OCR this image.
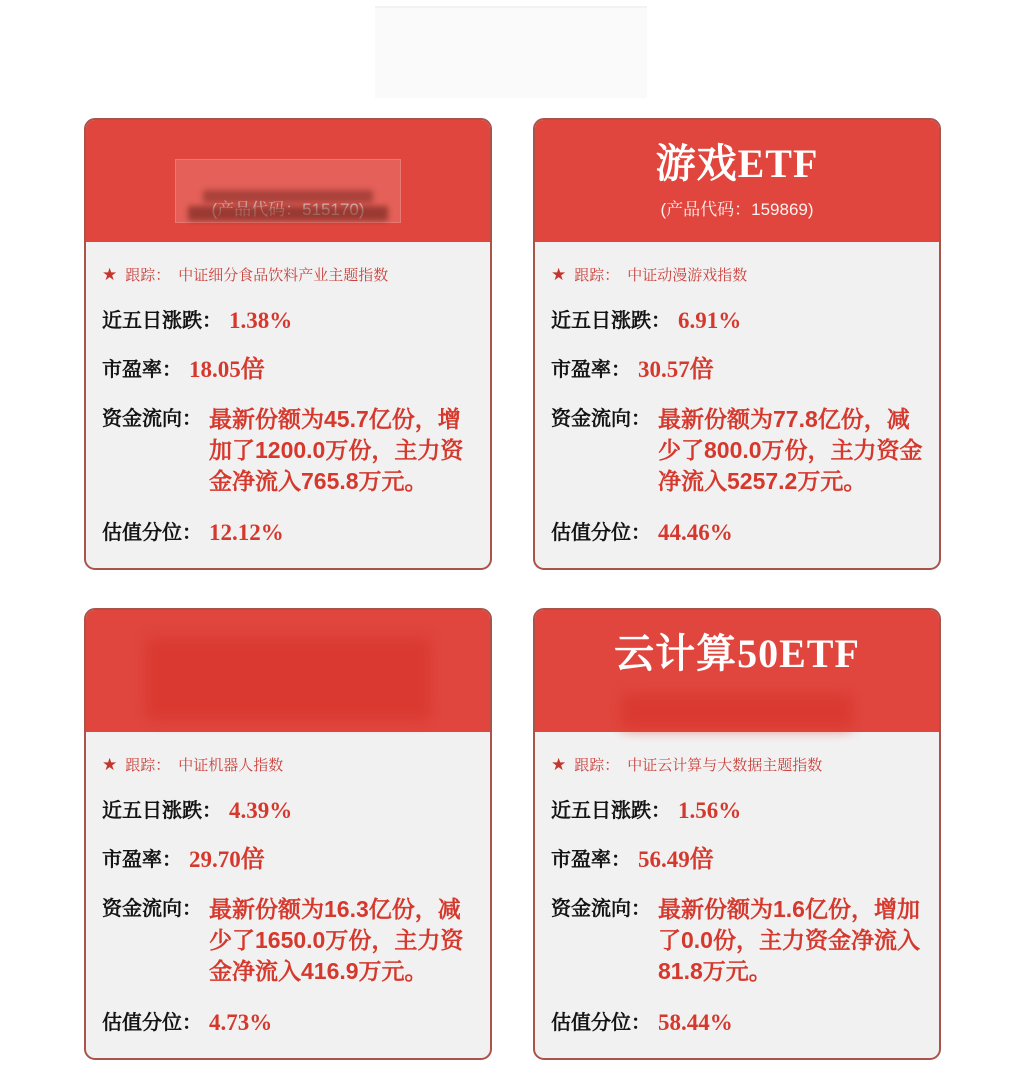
★ 跟踪： 中证细分食品饮料产业主题指数
近五日涨跌： 1.38%
市盈率： 18.05倍
资金流向： 最新份额为45.7亿份，增加了1200.0万份，主力资金净流入765.8万元。
估值分位： 12.12%
游戏ETF
(产品代码：159869)
★ 跟踪： 中证动漫游戏指数
近五日涨跌： 6.91%
市盈率： 30.57倍
资金流向： 最新份额为77.8亿份，减少了800.0万份，主力资金净流入5257.2万元。
估值分位： 44.46%
★ 跟踪： 中证机器人指数
近五日涨跌： 4.39%
市盈率： 29.70倍
资金流向： 最新份额为16.3亿份，减少了1650.0万份，主力资金净流入416.9万元。
估值分位： 4.73%
云计算50ETF
★ 跟踪： 中证云计算与大数据主题指数
近五日涨跌： 1.56%
市盈率： 56.49倍
资金流向： 最新份额为1.6亿份，增加了0.0份，主力资金净流入81.8万元。
估值分位： 58.44%
